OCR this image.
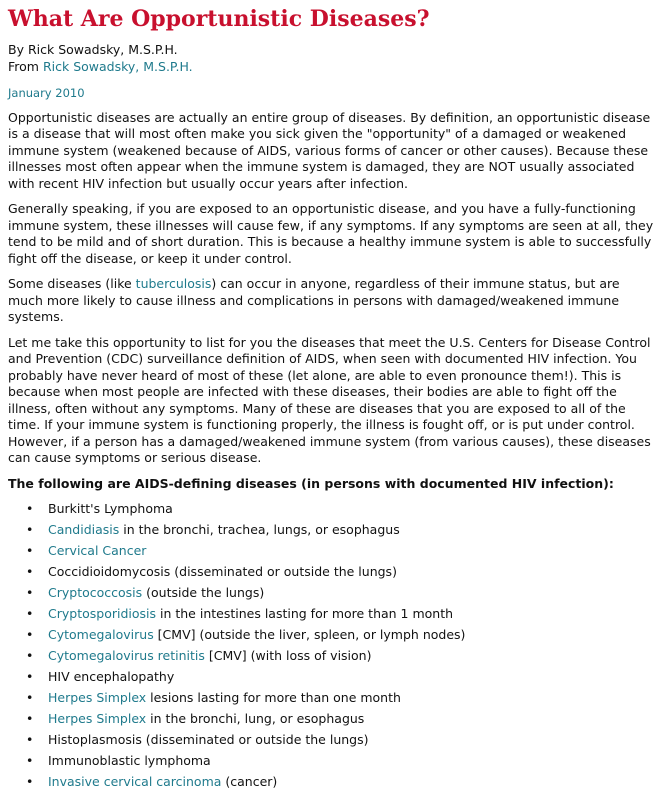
What Are Opportunistic Diseases?
By Rick Sowadsky, M.S.P.H.
From Rick Sowadsky, M.S.P.H.
January 2010

Opportunistic diseases are actually an entire group of diseases. By definition, an opportunistic disease is a disease that will most often make you sick given the "opportunity" of a damaged or weakened immune system (weakened because of AIDS, various forms of cancer or other causes). Because these illnesses most often appear when the immune system is damaged, they are NOT usually associated with recent HIV infection but usually occur years after infection.

Generally speaking, if you are exposed to an opportunistic disease, and you have a fully-functioning immune system, these illnesses will cause few, if any symptoms. If any symptoms are seen at all, they tend to be mild and of short duration. This is because a healthy immune system is able to successfully fight off the disease, or keep it under control.

Some diseases (like tuberculosis) can occur in anyone, regardless of their immune status, but are much more likely to cause illness and complications in persons with damaged/weakened immune systems.

Let me take this opportunity to list for you the diseases that meet the U.S. Centers for Disease Control and Prevention (CDC) surveillance definition of AIDS, when seen with documented HIV infection. You probably have never heard of most of these (let alone, are able to even pronounce them!). This is because when most people are infected with these diseases, their bodies are able to fight off the illness, often without any symptoms. Many of these are diseases that you are exposed to all of the time. If your immune system is functioning properly, the illness is fought off, or is put under control. However, if a person has a damaged/weakened immune system (from various causes), these diseases can cause symptoms or serious disease.

The following are AIDS-defining diseases (in persons with documented HIV infection):
• Burkitt's Lymphoma
• Candidiasis in the bronchi, trachea, lungs, or esophagus
• Cervical Cancer
• Coccidioidomycosis (disseminated or outside the lungs)
• Cryptococcosis (outside the lungs)
• Cryptosporidiosis in the intestines lasting for more than 1 month
• Cytomegalovirus [CMV] (outside the liver, spleen, or lymph nodes)
• Cytomegalovirus retinitis [CMV] (with loss of vision)
• HIV encephalopathy
• Herpes Simplex lesions lasting for more than one month
• Herpes Simplex in the bronchi, lung, or esophagus
• Histoplasmosis (disseminated or outside the lungs)
• Immunoblastic lymphoma
• Invasive cervical carcinoma (cancer)
